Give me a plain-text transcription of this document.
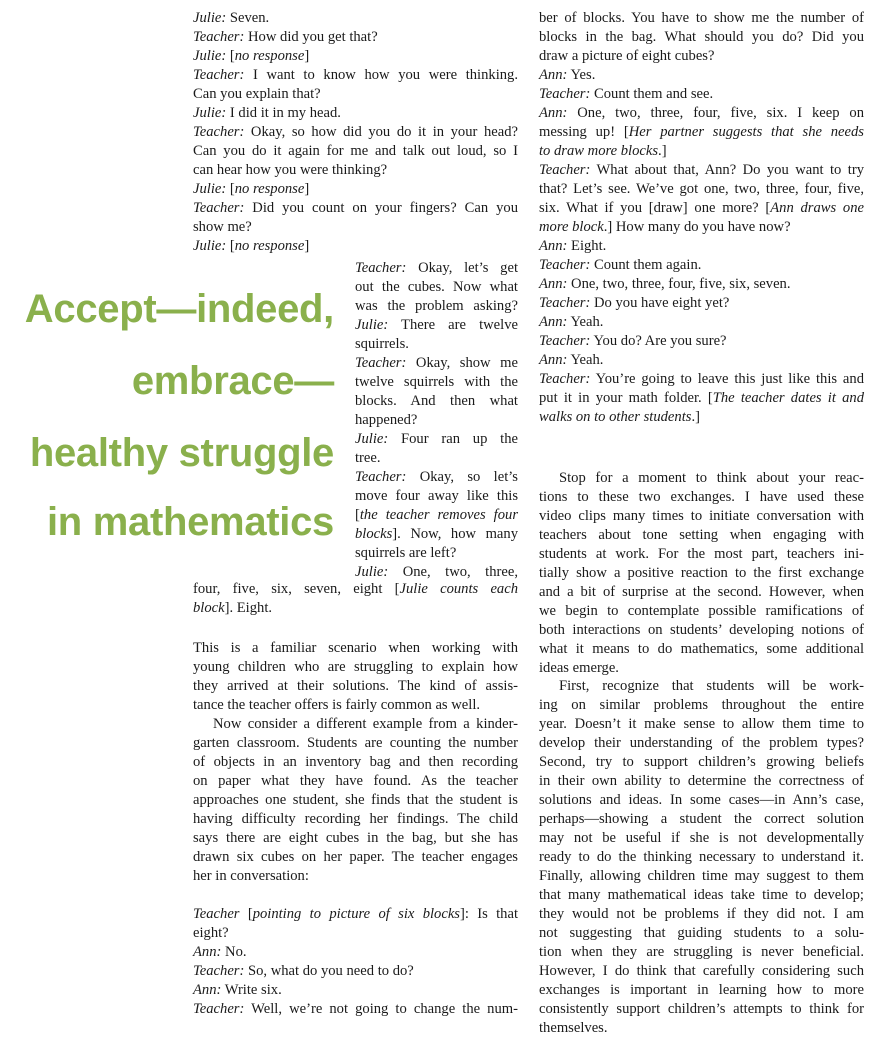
Julie: Seven.
Teacher: How did you get that?
Julie: [no response]
Teacher: I want to know how you were thinking.
Can you explain that?
Julie: I did it in my head.
Teacher: Okay, so how did you do it in your head?
Can you do it again for me and talk out loud, so I
can hear how you were thinking?
Julie: [no response]
Teacher: Did you count on your fingers? Can you
show me?
Julie: [no response]
Teacher: Okay, let’s get
out the cubes. Now what
was the problem asking?
Julie: There are twelve
squirrels.
Teacher: Okay, show me
twelve squirrels with the
blocks. And then what
happened?
Julie: Four ran up the
tree.
Teacher: Okay, so let’s
move four away like this
[the teacher removes four
blocks]. Now, how many
squirrels are left?
Julie: One, two, three,
four, five, six, seven, eight [Julie counts each
block]. Eight.
This is a familiar scenario when working with
young children who are struggling to explain how
they arrived at their solutions. The kind of assis-
tance the teacher offers is fairly common as well.
Now consider a different example from a kinder-
garten classroom. Students are counting the number
of objects in an inventory bag and then recording
on paper what they have found. As the teacher
approaches one student, she finds that the student is
having difficulty recording her findings. The child
says there are eight cubes in the bag, but she has
drawn six cubes on her paper. The teacher engages
her in conversation:
Teacher [pointing to picture of six blocks]: Is that
eight?
Ann: No.
Teacher: So, what do you need to do?
Ann: Write six.
Teacher: Well, we’re not going to change the num-
ber of blocks. You have to show me the number of
blocks in the bag. What should you do? Did you
draw a picture of eight cubes?
Ann: Yes.
Teacher: Count them and see.
Ann: One, two, three, four, five, six. I keep on
messing up! [Her partner suggests that she needs
to draw more blocks.]
Teacher: What about that, Ann? Do you want to try
that? Let’s see. We’ve got one, two, three, four, five,
six. What if you [draw] one more? [Ann draws one
more block.] How many do you have now?
Ann: Eight.
Teacher: Count them again.
Ann: One, two, three, four, five, six, seven.
Teacher: Do you have eight yet?
Ann: Yeah.
Teacher: You do? Are you sure?
Ann: Yeah.
Teacher: You’re going to leave this just like this and
put it in your math folder. [The teacher dates it and
walks on to other students.]
Stop for a moment to think about your reac-
tions to these two exchanges. I have used these
video clips many times to initiate conversation with
teachers about tone setting when engaging with
students at work. For the most part, teachers ini-
tially show a positive reaction to the first exchange
and a bit of surprise at the second. However, when
we begin to contemplate possible ramifications of
both interactions on students’ developing notions of
what it means to do mathematics, some additional
ideas emerge.
First, recognize that students will be work-
ing on similar problems throughout the entire
year. Doesn’t it make sense to allow them time to
develop their understanding of the problem types?
Second, try to support children’s growing beliefs
in their own ability to determine the correctness of
solutions and ideas. In some cases—in Ann’s case,
perhaps—showing a student the correct solution
may not be useful if she is not developmentally
ready to do the thinking necessary to understand it.
Finally, allowing children time may suggest to them
that many mathematical ideas take time to develop;
they would not be problems if they did not. I am
not suggesting that guiding students to a solu-
tion when they are struggling is never beneficial.
However, I do think that carefully considering such
exchanges is important in learning how to more
consistently support children’s attempts to think for
themselves.
Accept—indeed,
embrace—
healthy struggle
in mathematics
